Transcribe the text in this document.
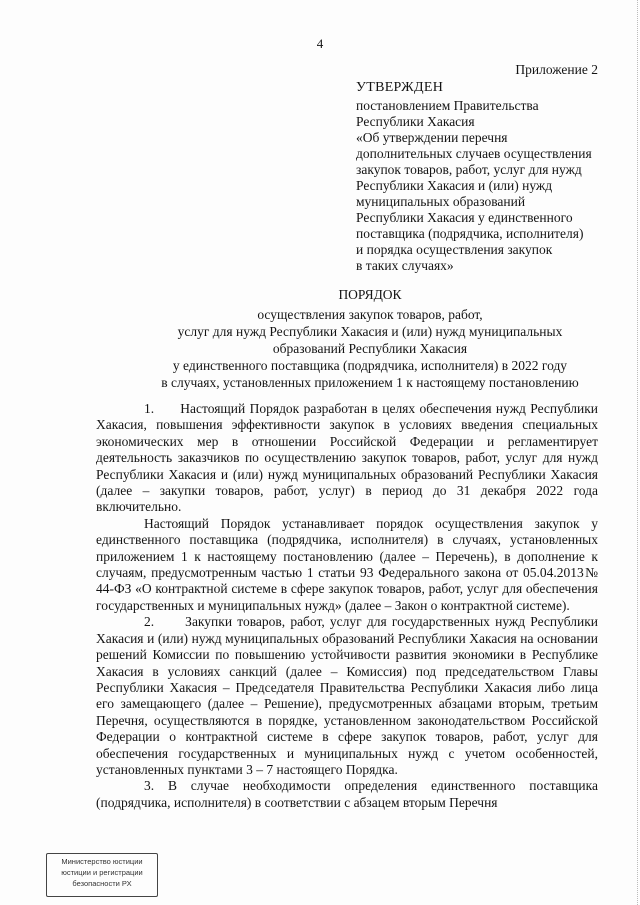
4
Приложение 2
УТВЕРЖДЕН
постановлением Правительства
Республики Хакасия
«Об утверждении перечня
дополнительных случаев осуществления
закупок товаров, работ, услуг для нужд
Республики Хакасия и (или) нужд
муниципальных образований
Республики Хакасия у единственного
поставщика (подрядчика, исполнителя)
и порядка осуществления закупок
в таких случаях»
ПОРЯДОК
осуществления закупок товаров, работ,
услуг для нужд Республики Хакасия и (или) нужд муниципальных
образований Республики Хакасия
у единственного поставщика (подрядчика, исполнителя) в 2022 году
в случаях, установленных приложением 1 к настоящему постановлению

1.      Настоящий Порядок разработан в целях обеспечения нужд Республики Хакасия, повышения эффективности закупок в условиях введения специальных экономических мер в отношении Российской Федерации и регламентирует деятельность заказчиков по осуществлению закупок товаров, работ, услуг для нужд Республики Хакасия и (или) нужд муниципальных образований Республики Хакасия (далее – закупки товаров, работ, услуг) в период до 31 декабря 2022 года включительно.

Настоящий Порядок устанавливает порядок осуществления закупок у единственного поставщика (подрядчика, исполнителя) в случаях, установленных приложением 1 к настоящему постановлению (далее – Перечень), в дополнение к случаям, предусмотренным частью 1 статьи 93 Федерального закона от 05.04.2013№ 44-ФЗ «О контрактной системе в сфере закупок товаров, работ, услуг для обеспечения государственных и муниципальных нужд» (далее – Закон о контрактной системе).

2.      Закупки товаров, работ, услуг для государственных нужд Республики Хакасия и (или) нужд муниципальных образований Республики Хакасия на основании решений Комиссии по повышению устойчивости развития экономики в Республике Хакасия в условиях санкций (далее – Комиссия) под председательством Главы Республики Хакасия – Председателя Правительства Республики Хакасия либо лица его замещающего (далее – Решение), предусмотренных абзацами вторым, третьим Перечня, осуществляются в порядке, установленном законодательством Российской Федерации о контрактной системе в сфере закупок товаров, работ, услуг для обеспечения государственных и муниципальных нужд с учетом особенностей, установленных пунктами 3 – 7 настоящего Порядка.

3. В случае необходимости определения единственного поставщика (подрядчика, исполнителя) в соответствии с абзацем вторым Перечня

Министерство юстиции
юстиции и регистрации
безопасности РХ
